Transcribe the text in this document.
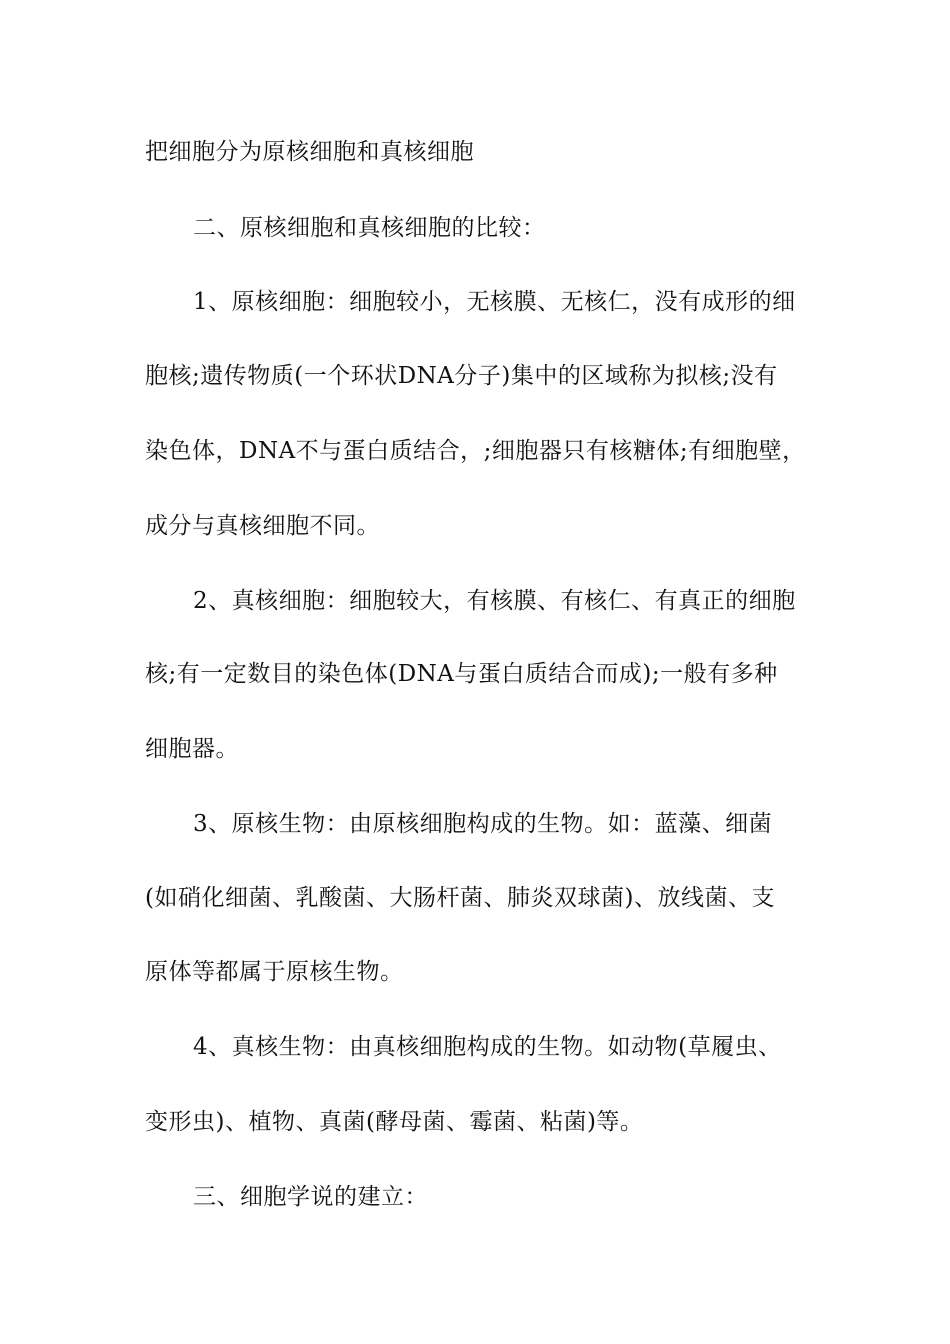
把细胞分为原核细胞和真核细胞
二、原核细胞和真核细胞的比较：
1、原核细胞：细胞较小，无核膜、无核仁，没有成形的细
胞核;遗传物质(一个环状DNA分子)集中的区域称为拟核;没有
染色体，DNA不与蛋白质结合，;细胞器只有核糖体;有细胞壁，
成分与真核细胞不同。
2、真核细胞：细胞较大，有核膜、有核仁、有真正的细胞
核;有一定数目的染色体(DNA与蛋白质结合而成);一般有多种
细胞器。
3、原核生物：由原核细胞构成的生物。如：蓝藻、细菌
(如硝化细菌、乳酸菌、大肠杆菌、肺炎双球菌)、放线菌、支
原体等都属于原核生物。
4、真核生物：由真核细胞构成的生物。如动物(草履虫、
变形虫)、植物、真菌(酵母菌、霉菌、粘菌)等。
三、细胞学说的建立：
